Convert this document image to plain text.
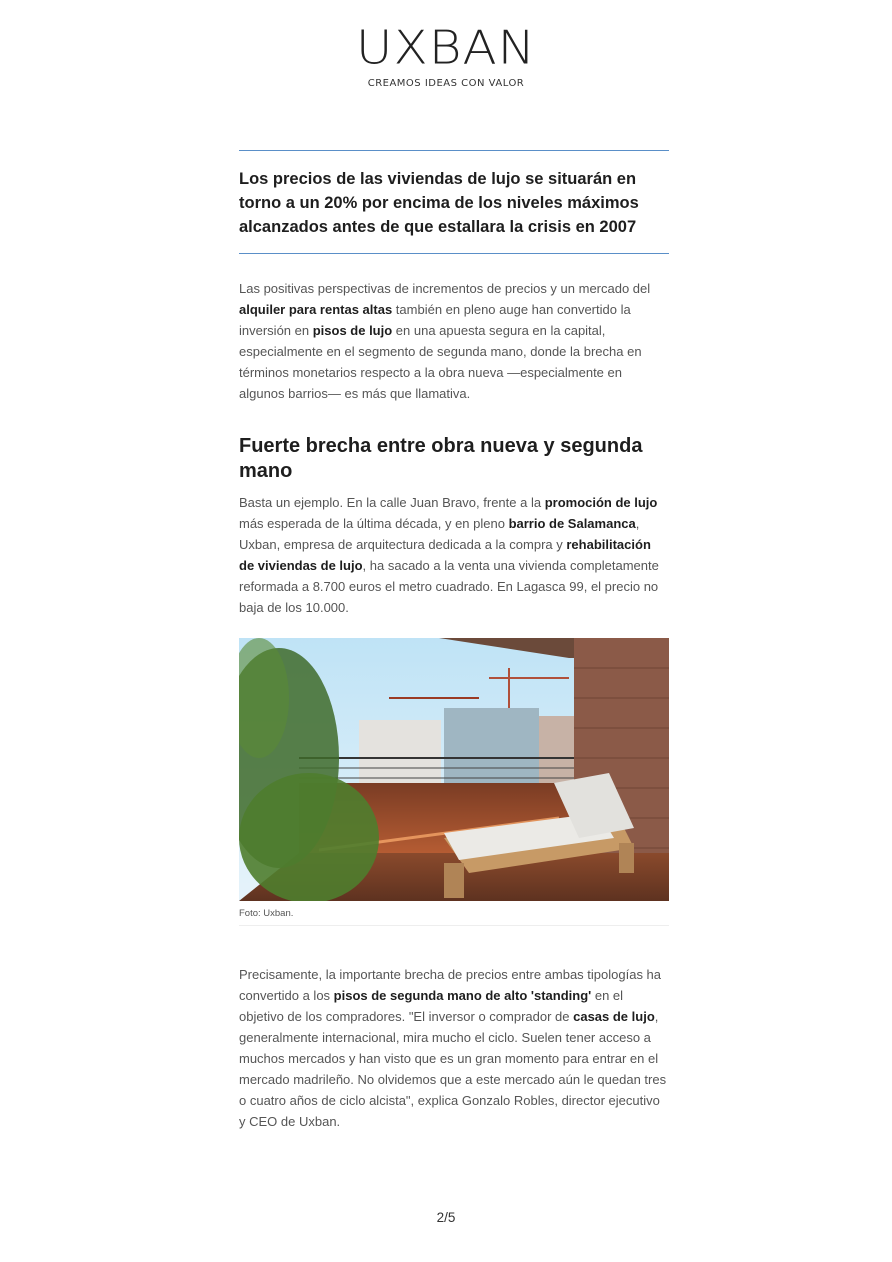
UXBAN
CREAMOS IDEAS CON VALOR
Los precios de las viviendas de lujo se situarán en torno a un 20% por encima de los niveles máximos alcanzados antes de que estallara la crisis en 2007

Las positivas perspectivas de incrementos de precios y un mercado del alquiler para rentas altas también en pleno auge han convertido la inversión en pisos de lujo en una apuesta segura en la capital, especialmente en el segmento de segunda mano, donde la brecha en términos monetarios respecto a la obra nueva —especialmente en algunos barrios— es más que llamativa.

Fuerte brecha entre obra nueva y segunda mano

Basta un ejemplo. En la calle Juan Bravo, frente a la promoción de lujo más esperada de la última década, y en pleno barrio de Salamanca, Uxban, empresa de arquitectura dedicada a la compra y rehabilitación de viviendas de lujo, ha sacado a la venta una vivienda completamente reformada a 8.700 euros el metro cuadrado. En Lagasca 99, el precio no baja de los 10.000.

Foto: Uxban.

Precisamente, la importante brecha de precios entre ambas tipologías ha convertido a los pisos de segunda mano de alto 'standing' en el objetivo de los compradores. "El inversor o comprador de casas de lujo, generalmente internacional, mira mucho el ciclo. Suelen tener acceso a muchos mercados y han visto que es un gran momento para entrar en el mercado madrileño. No olvidemos que a este mercado aún le quedan tres o cuatro años de ciclo alcista", explica Gonzalo Robles, director ejecutivo y CEO de Uxban.

2/5
